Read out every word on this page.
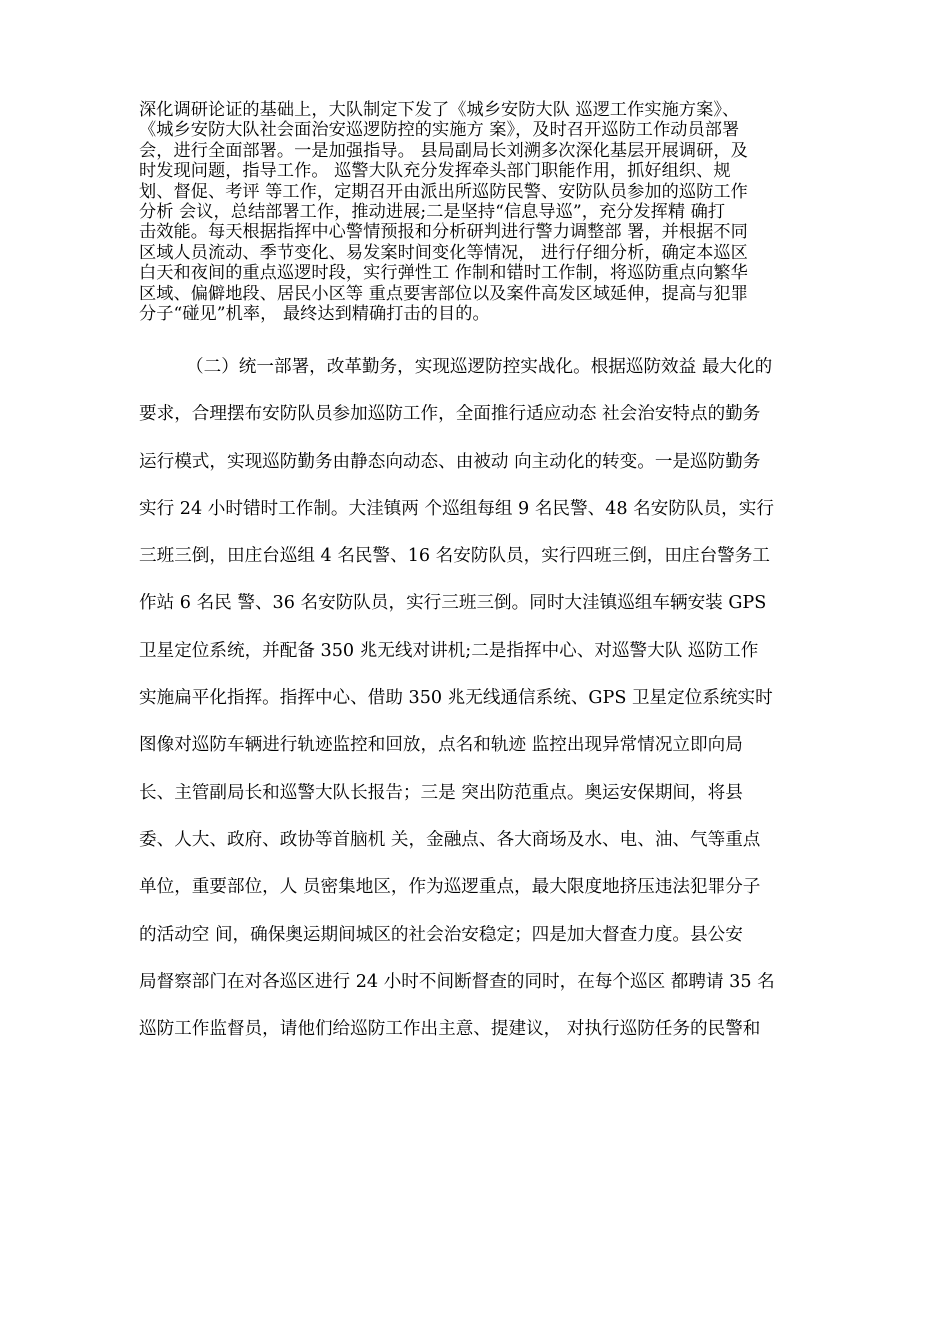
深化调研论证的基础上，大队制定下发了《城乡安防大队 巡逻工作实施方案》、
《城乡安防大队社会面治安巡逻防控的实施方 案》，及时召开巡防工作动员部署
会，进行全面部署。一是加强指导。 县局副局长刘溯多次深化基层开展调研，及
时发现问题，指导工作。 巡警大队充分发挥牵头部门职能作用，抓好组织、规
划、督促、考评 等工作，定期召开由派出所巡防民警、安防队员参加的巡防工作
分析 会议，总结部署工作，推动进展;二是坚持“信息导巡”，充分发挥精 确打
击效能。每天根据指挥中心警情预报和分析研判进行警力调整部 署，并根据不同
区域人员流动、季节变化、易发案时间变化等情况， 进行仔细分析，确定本巡区
白天和夜间的重点巡逻时段，实行弹性工 作制和错时工作制，将巡防重点向繁华
区域、偏僻地段、居民小区等 重点要害部位以及案件高发区域延伸，提高与犯罪
分子“碰见”机率， 最终达到精确打击的目的。
（二）统一部署，改革勤务，实现巡逻防控实战化。根据巡防效益 最大化的
要求，合理摆布安防队员参加巡防工作，全面推行适应动态 社会治安特点的勤务
运行模式，实现巡防勤务由静态向动态、由被动 向主动化的转变。一是巡防勤务
实行 24 小时错时工作制。大洼镇两 个巡组每组 9 名民警、48 名安防队员，实行
三班三倒，田庄台巡组 4 名民警、16 名安防队员，实行四班三倒，田庄台警务工
作站 6 名民 警、36 名安防队员，实行三班三倒。同时大洼镇巡组车辆安装 GPS
卫星定位系统，并配备 350 兆无线对讲机;二是指挥中心、对巡警大队 巡防工作
实施扁平化指挥。指挥中心、借助 350 兆无线通信系统、GPS 卫星定位系统实时
图像对巡防车辆进行轨迹监控和回放，点名和轨迹 监控出现异常情况立即向局
长、主管副局长和巡警大队长报告；三是 突出防范重点。奥运安保期间，将县
委、人大、政府、政协等首脑机 关，金融点、各大商场及水、电、油、气等重点
单位，重要部位，人 员密集地区，作为巡逻重点，最大限度地挤压违法犯罪分子
的活动空 间，确保奥运期间城区的社会治安稳定；四是加大督查力度。县公安
局督察部门在对各巡区进行 24 小时不间断督查的同时，在每个巡区 都聘请 35 名
巡防工作监督员，请他们给巡防工作出主意、提建议， 对执行巡防任务的民警和
